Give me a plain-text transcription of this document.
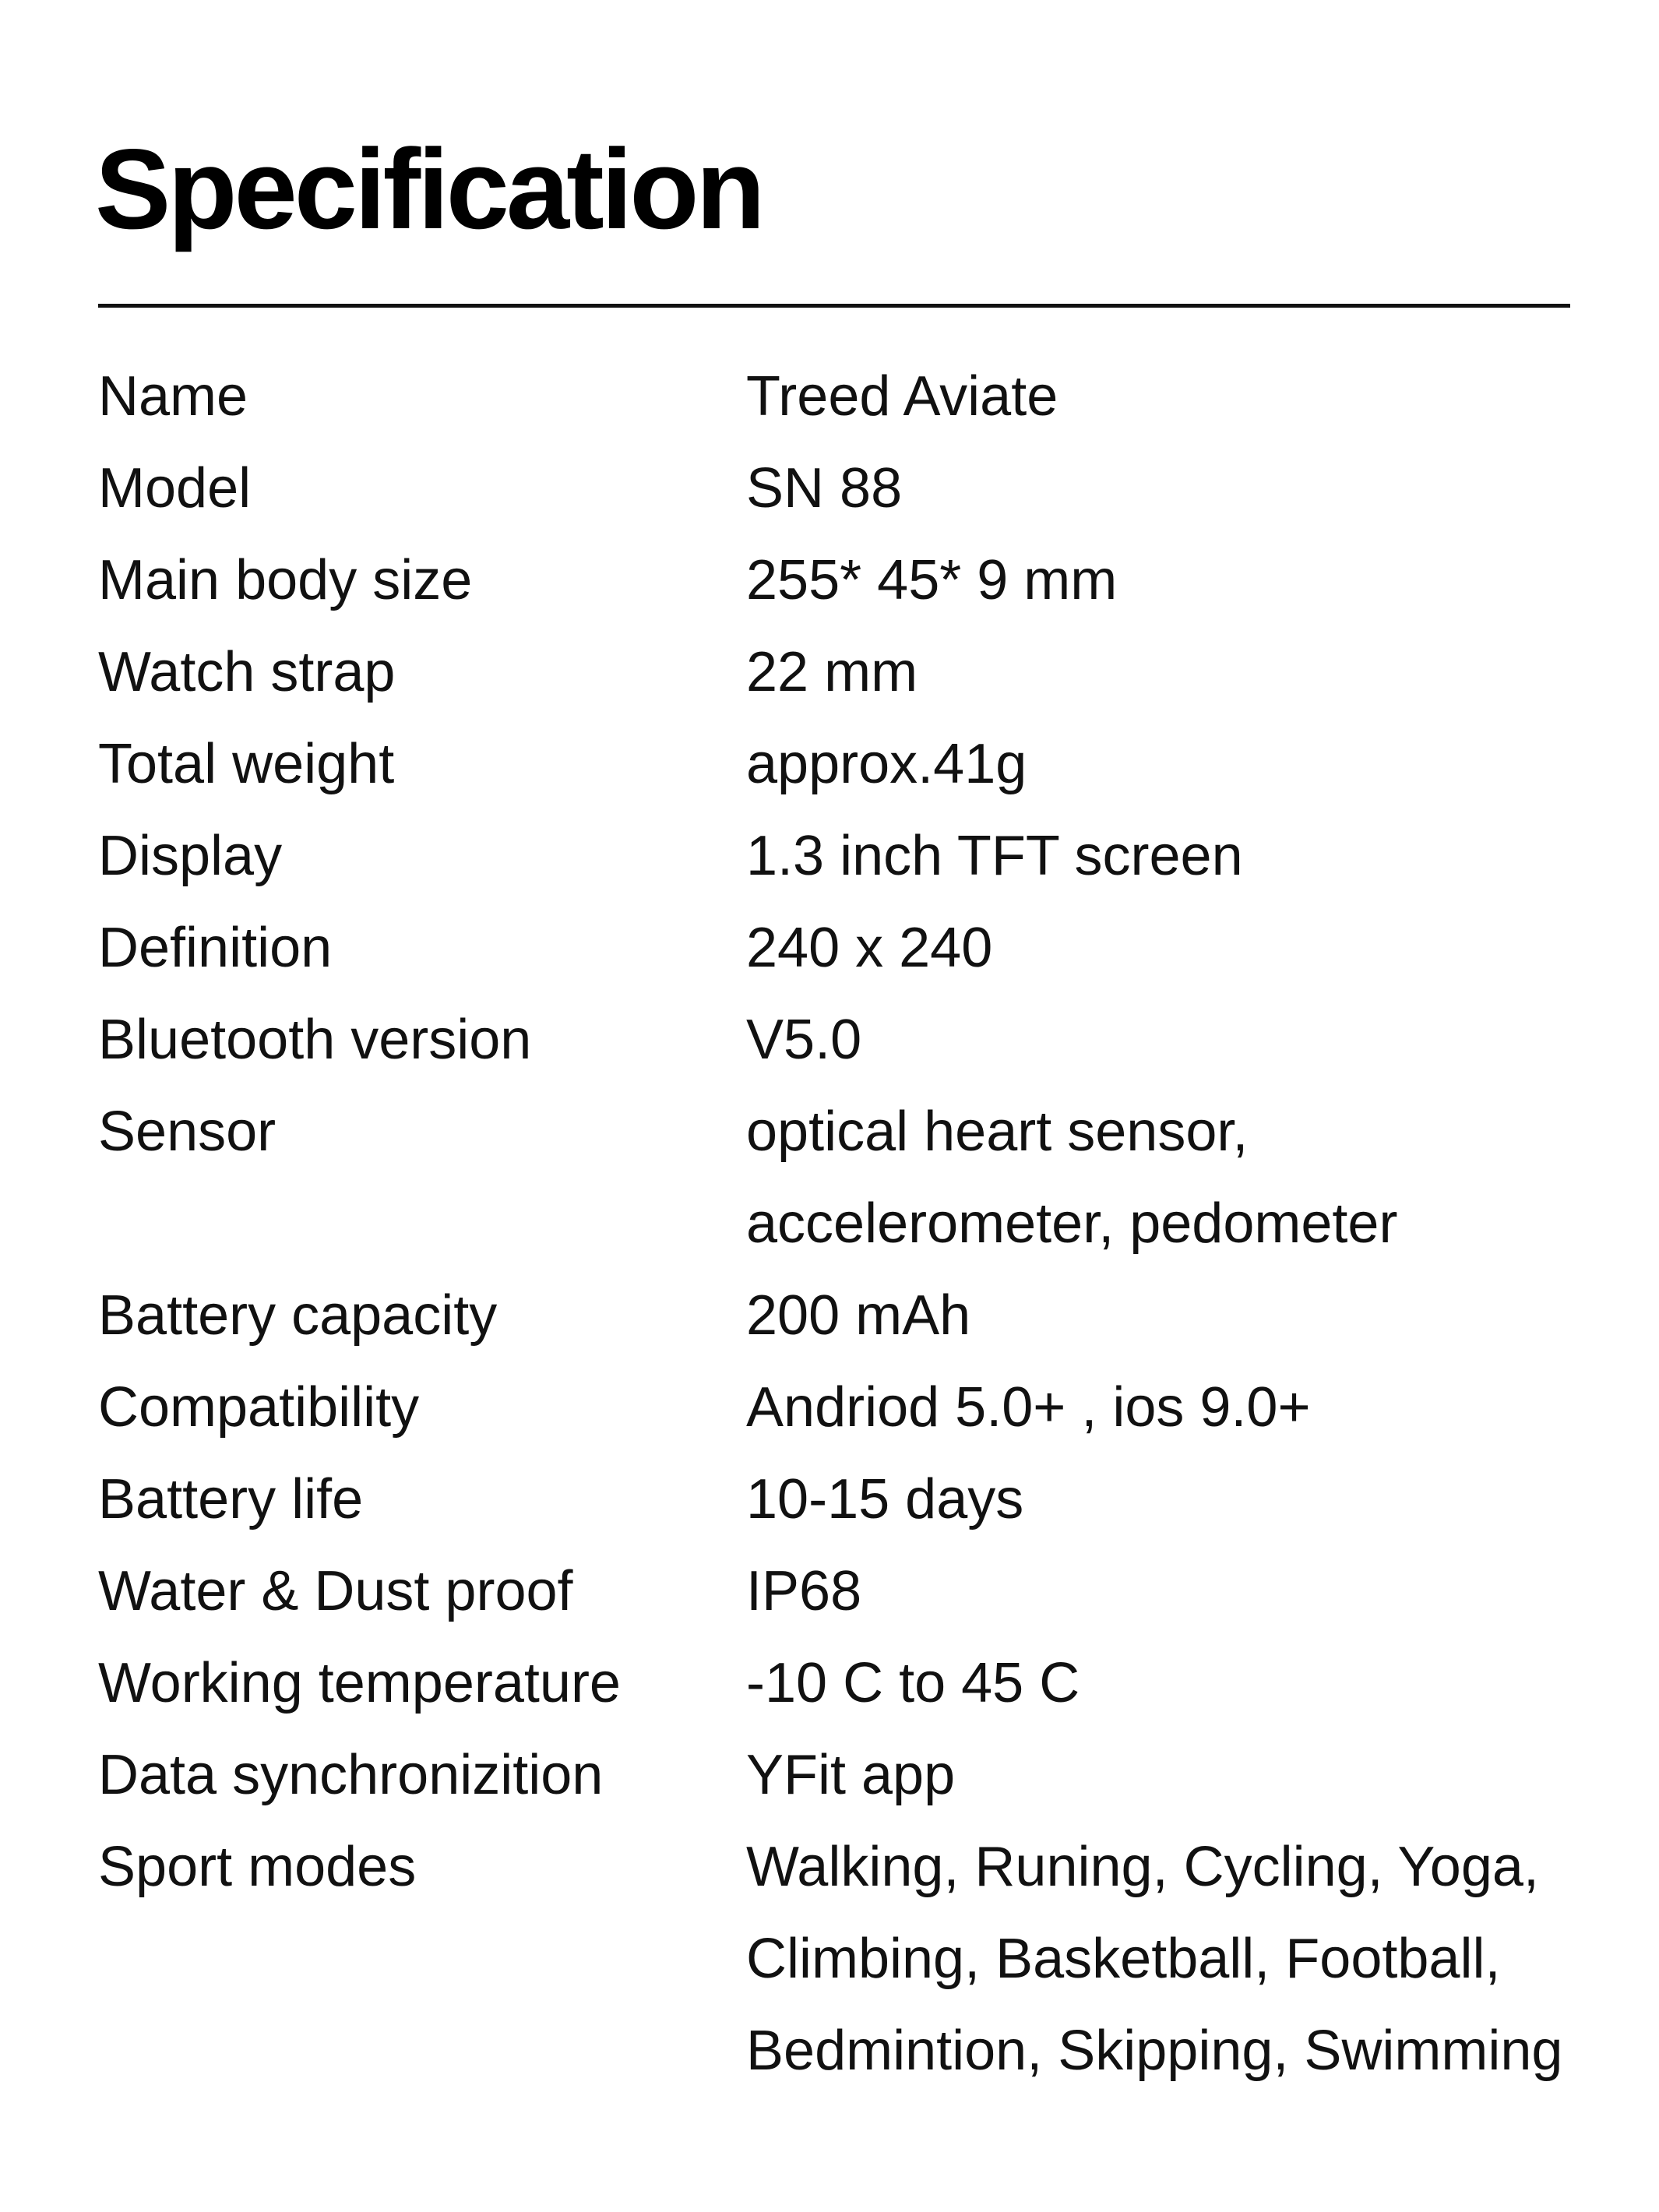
Specification
Name	Treed Aviate
Model	SN 88
Main body size	255* 45* 9 mm
Watch strap	22 mm
Total weight	approx.41g
Display	1.3 inch TFT screen
Definition	240 x 240
Bluetooth version	V5.0
Sensor	optical heart sensor,
accelerometer, pedometer
Battery capacity	200 mAh
Compatibility	Andriod 5.0+ , ios 9.0+
Battery life	10-15 days
Water & Dust proof	IP68
Working temperature	-10 C to 45 C
Data synchronizition	YFit app
Sport modes	Walking, Runing, Cycling, Yoga,
Climbing, Basketball, Football,
Bedmintion, Skipping, Swimming
